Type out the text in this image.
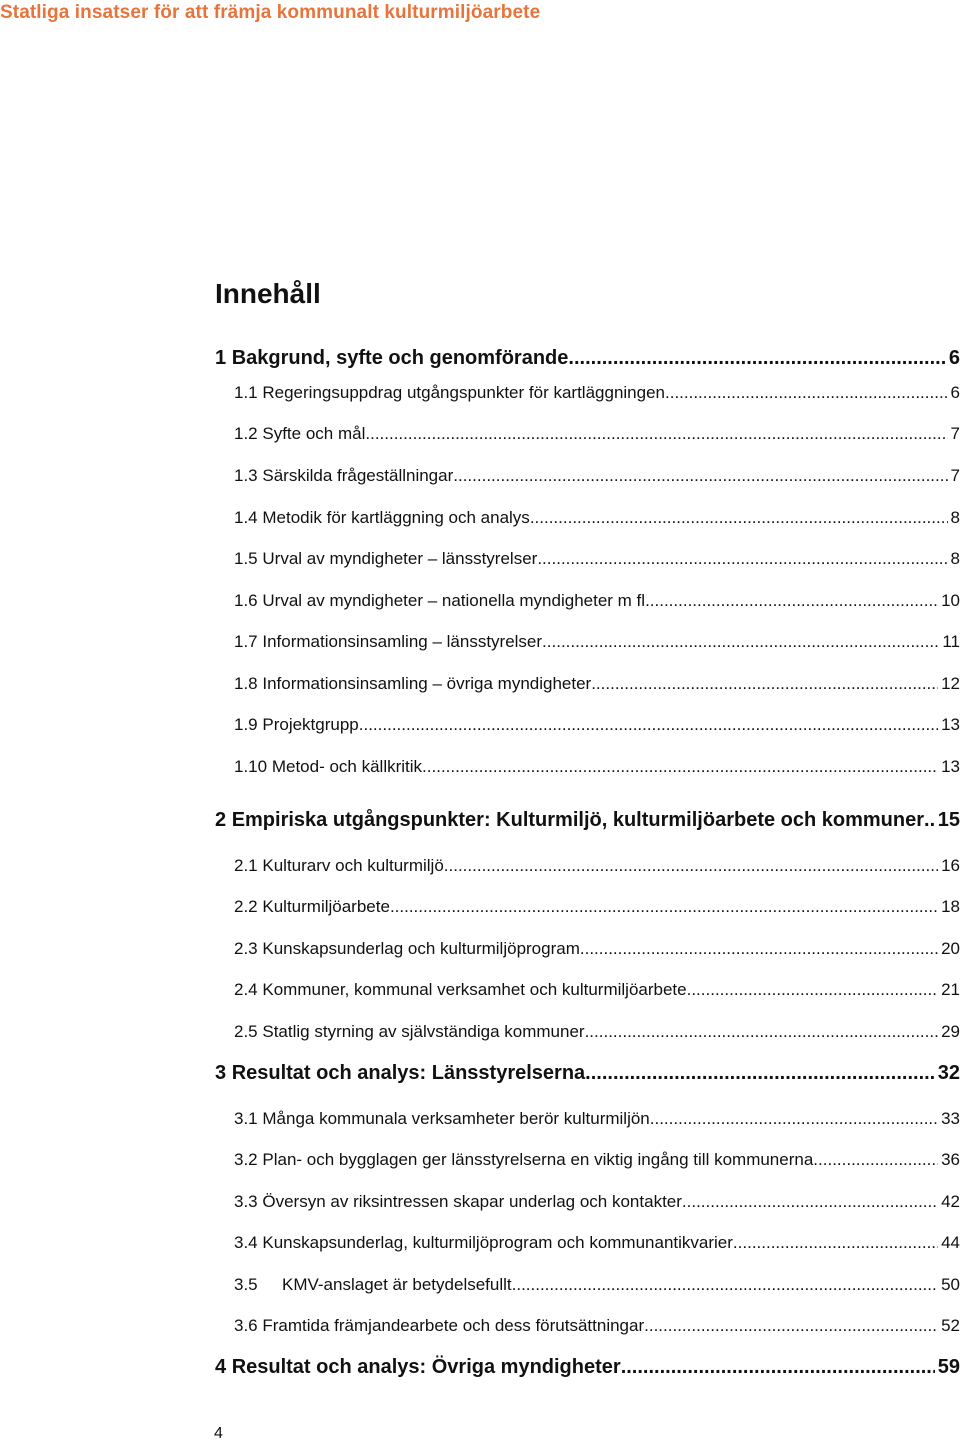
Statliga insatser för att främja kommunalt kulturmiljöarbete
Innehåll
1 Bakgrund, syfte och genomförande .....	6
1.1 Regeringsuppdrag utgångspunkter för kartläggningen .....	6
1.2 Syfte och mål .....	7
1.3 Särskilda frågeställningar .....	7
1.4 Metodik för kartläggning och analys .....	8
1.5 Urval av myndigheter – länsstyrelser .....	8
1.6 Urval av myndigheter – nationella myndigheter m fl .....	10
1.7 Informationsinsamling – länsstyrelser .....	11
1.8 Informationsinsamling – övriga myndigheter .....	12
1.9 Projektgrupp .....	13
1.10 Metod- och källkritik .....	13
2 Empiriska utgångspunkter: Kulturmiljö, kulturmiljöarbete och kommuner ..... 15
2.1 Kulturarv och kulturmiljö .....	16
2.2 Kulturmiljöarbete .....	18
2.3 Kunskapsunderlag och kulturmiljöprogram .....	20
2.4 Kommuner, kommunal verksamhet och kulturmiljöarbete .....	21
2.5 Statlig styrning av självständiga kommuner .....	29
3 Resultat och analys: Länsstyrelserna .....	32
3.1 Många kommunala verksamheter berör kulturmiljön .....	33
3.2 Plan- och bygglagen ger länsstyrelserna en viktig ingång till kommunerna .....	36
3.3 Översyn av riksintressen skapar underlag och kontakter .....	42
3.4 Kunskapsunderlag, kulturmiljöprogram och kommunantikvarier .....	44
3.5	KMV-anslaget är betydelsefullt .....	50
3.6 Framtida främjandearbete och dess förutsättningar .....	52
4 Resultat och analys: Övriga myndigheter .....	59
4
